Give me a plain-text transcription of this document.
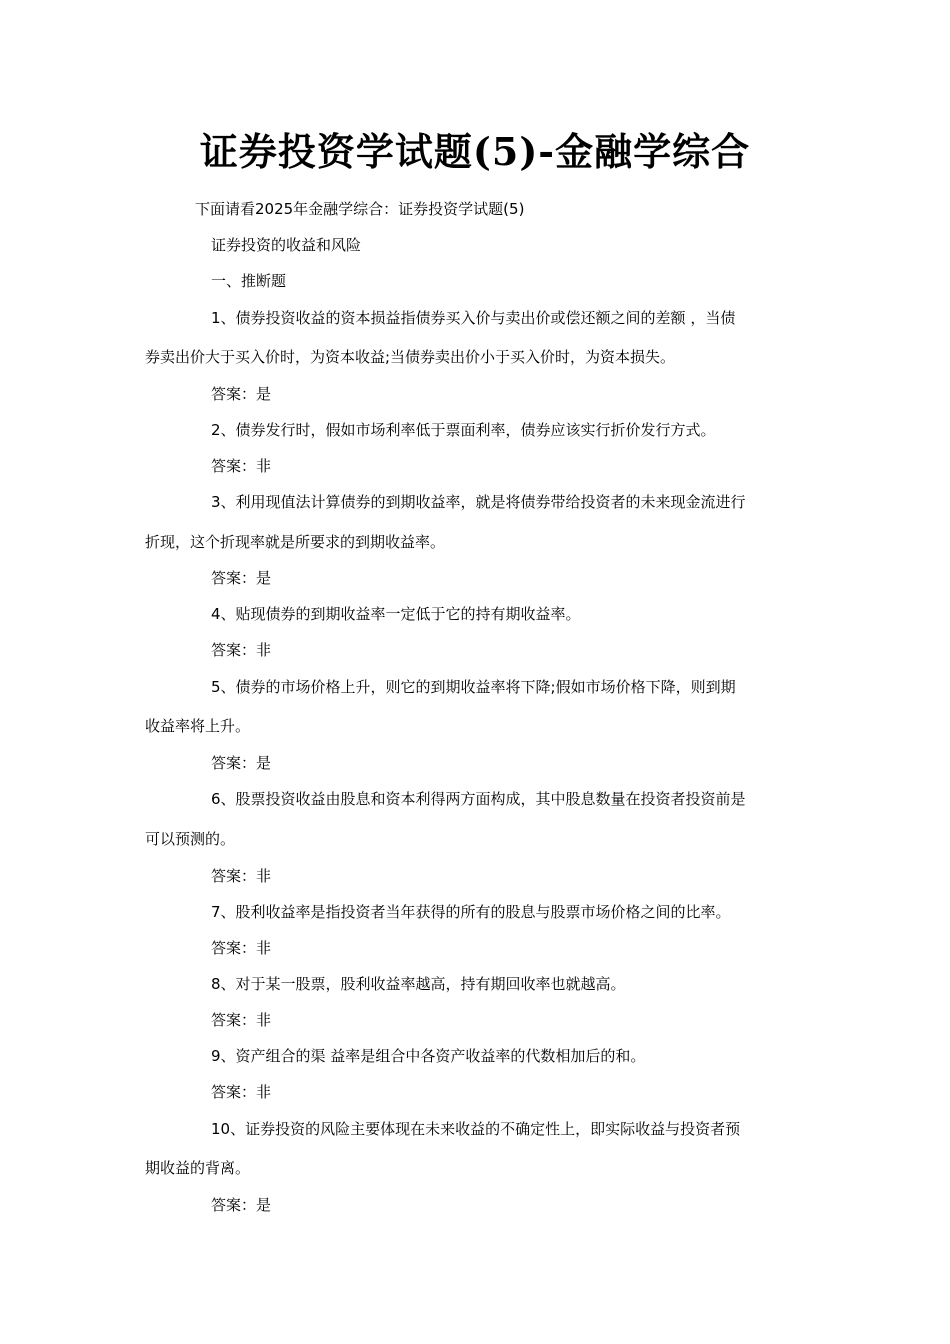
证券投资学试题(5)-金融学综合
下面请看2025年金融学综合：证券投资学试题(5)
证券投资的收益和风险
一、推断题
1、债券投资收益的资本损益指债券买入价与卖出价或偿还额之间的差额 ，当债
券卖出价大于买入价时，为资本收益;当债券卖出价小于买入价时，为资本损失。
答案：是
2、债券发行时，假如市场利率低于票面利率，债券应该实行折价发行方式。
答案：非
3、利用现值法计算债券的到期收益率，就是将债券带给投资者的未来现金流进行
折现，这个折现率就是所要求的到期收益率。
答案：是
4、贴现债券的到期收益率一定低于它的持有期收益率。
答案：非
5、债券的市场价格上升，则它的到期收益率将下降;假如市场价格下降，则到期
收益率将上升。
答案：是
6、股票投资收益由股息和资本利得两方面构成，其中股息数量在投资者投资前是
可以预测的。
答案：非
7、股利收益率是指投资者当年获得的所有的股息与股票市场价格之间的比率。
答案：非
8、对于某一股票，股利收益率越高，持有期回收率也就越高。
答案：非
9、资产组合的渠 益率是组合中各资产收益率的代数相加后的和。
答案：非
10、证券投资的风险主要体现在未来收益的不确定性上，即实际收益与投资者预
期收益的背离。
答案：是
